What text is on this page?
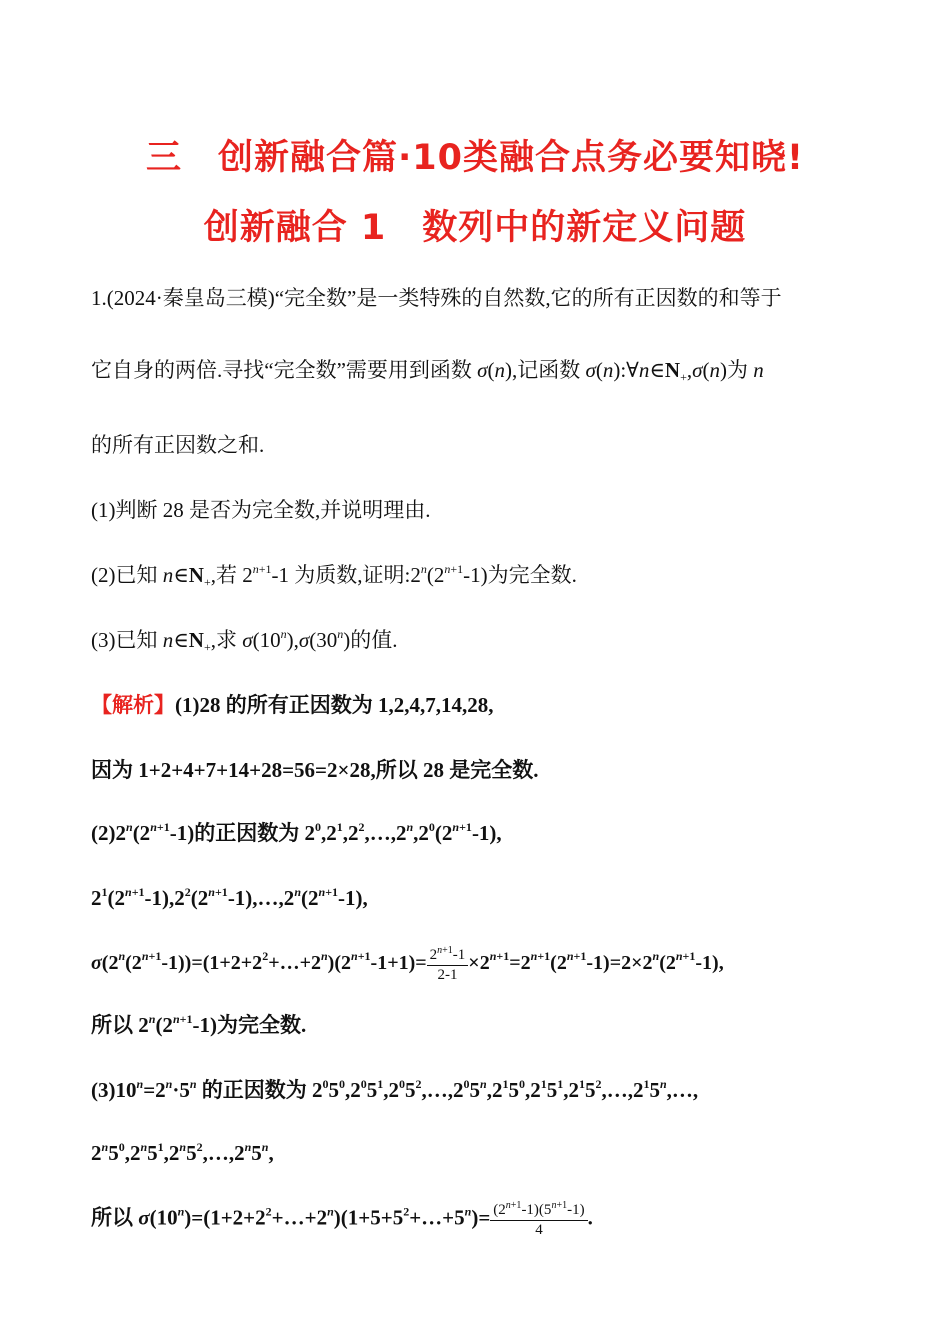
三　创新融合篇·10类融合点务必要知晓!
创新融合 1　数列中的新定义问题
1.(2024·秦皇岛三模)“完全数”是一类特殊的自然数,它的所有正因数的和等于
它自身的两倍.寻找“完全数”需要用到函数 σ(n),记函数 $\sigma(n):\forall n\in N_+,\sigma(n)$为 n
的所有正因数之和.
(1)判断 28 是否为完全数,并说明理由.
(2)已知 $n\in N_+$,若 $2^{n+1}-1$ 为质数,证明$:2^n(2^{n+1}-1)$为完全数.
(3)已知 $n\in N_+$,求 σ(10$^n$),σ(30$^n$)的值.
【解析】(1)28 的所有正因数为 1,2,4,7,14,28,
因为 1+2+4+7+14+28=56=2×28,所以 28 是完全数.
$(2)2^n(2^{n+1}-1)$的正因数为 $2^0,2^1,2^2,\dots,2^n,2^0(2^{n+1}-1)$,
$2^1(2^{n+1}-1),2^2(2^{n+1}-1),\dots,2^n(2^{n+1}-1)$,
$\sigma(2^n(2^{n+1}-1))=(1+2+2^2+\dots+2^n)(2^{n+1}-1+1)= \frac{2^{n+1}-1}{2-1} \times 2^{n+1}=2^{n+1}(2^{n+1}-1)=2\times 2^n(2^{n+1}-1)$,
所以 $2^n(2^{n+1}-1)$为完全数.
$(3)10^n=2^n\cdot 5^n$ 的正因数为 $2^05^0,2^05^1,2^05^2,\dots,2^05^n,2^15^0,2^15^1,2^15^2,\dots,2^15^n,\dots$,
$2^n5^0,2^n5^1,2^n5^2,\dots,2^n5^n$,
所以 $\sigma(10^n)=(1+2+2^2+\dots+2^n)(1+5+5^2+\dots+5^n)= \frac{(2^{n+1}-1)(5^{n+1}-1)}{4}$ .
